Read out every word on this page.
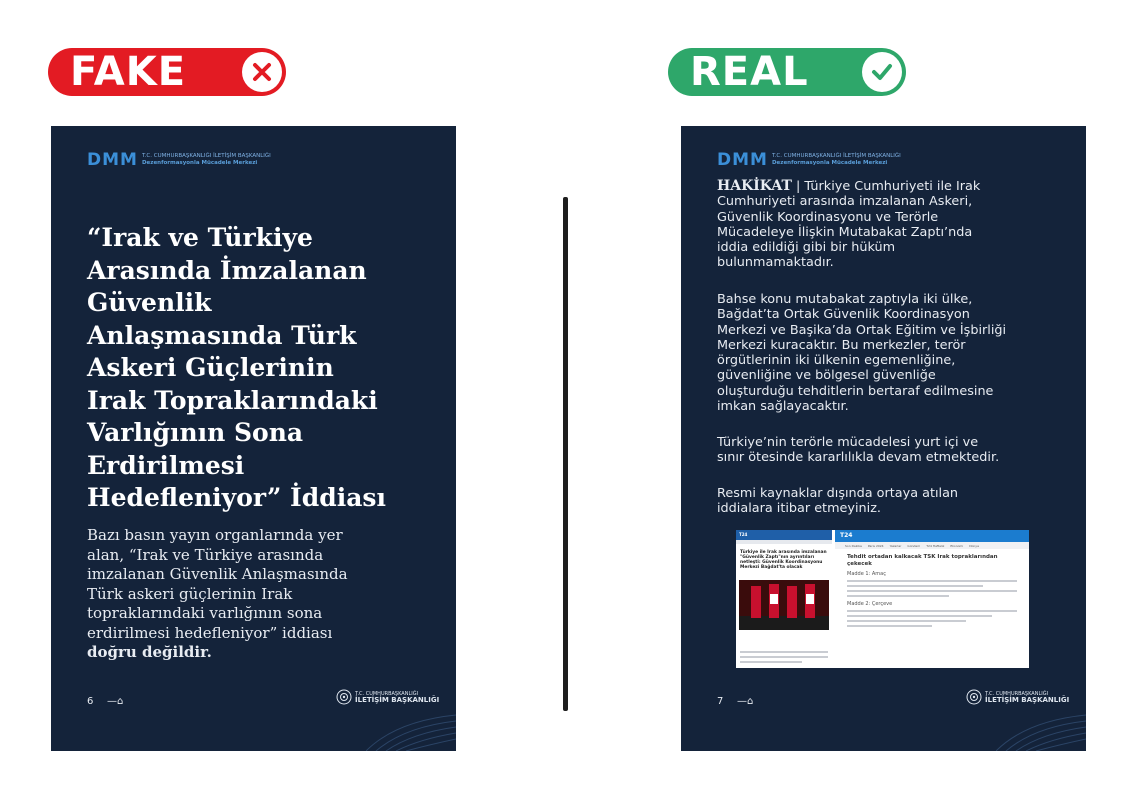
FAKE	REAL
DMM T.C. CUMHURBAŞKANLIĞI İLETİŞİM BAŞKANLIĞI
Dezenformasyonla Mücadele Merkezi
“Irak ve Türkiye Arasında İmzalanan Güvenlik Anlaşmasında Türk Askeri Güçlerinin Irak Topraklarındaki Varlığının Sona Erdirilmesi Hedefleniyor” İddiası
Bazı basın yayın organlarında yer alan, “Irak ve Türkiye arasında imzalanan Güvenlik Anlaşmasında Türk askeri güçlerinin Irak topraklarındaki varlığının sona erdirilmesi hedefleniyor” iddiası doğru değildir.
6 —⌂
T.C. CUMHURBAŞKANLIĞI
İLETİŞİM BAŞKANLIĞI
DMM T.C. CUMHURBAŞKANLIĞI İLETİŞİM BAŞKANLIĞI
Dezenformasyonla Mücadele Merkezi
HAKİKAT | Türkiye Cumhuriyeti ile Irak Cumhuriyeti arasında imzalanan Askeri, Güvenlik Koordinasyonu ve Terörle Mücadeleye İlişkin Mutabakat Zaptı’nda iddia edildiği gibi bir hüküm bulunmamaktadır.
Bahse konu mutabakat zaptıyla iki ülke, Bağdat’ta Ortak Güvenlik Koordinasyon Merkezi ve Başika’da Ortak Eğitim ve İşbirliği Merkezi kuracaktır. Bu merkezler, terör örgütlerinin iki ülkenin egemenliğine, güvenliğine ve bölgesel güvenliğe oluşturduğu tehditlerin bertaraf edilmesine imkan sağlayacaktır.
Türkiye’nin terörle mücadelesi yurt içi ve sınır ötesinde kararlılıkla devam etmektedir.
Resmi kaynaklar dışında ortaya atılan iddialara itibar etmeyiniz.
T24
Türkiye ile Irak arasında imzalanan "Güvenlik Zaptı"nın ayrıntıları netleşti: Güvenlik Koordinasyonu Merkezi Bağdat'ta olacak
T24
Son Dakika Paris 2024 Yazarlar Gündem T24 Haftalık Ekonomi Dünya
Tehdit ortadan kalkacak TSK Irak topraklarından çekecek
Madde 1: Amaç
Madde 2: Çerçeve
7 —⌂
T.C. CUMHURBAŞKANLIĞI
İLETİŞİM BAŞKANLIĞI
